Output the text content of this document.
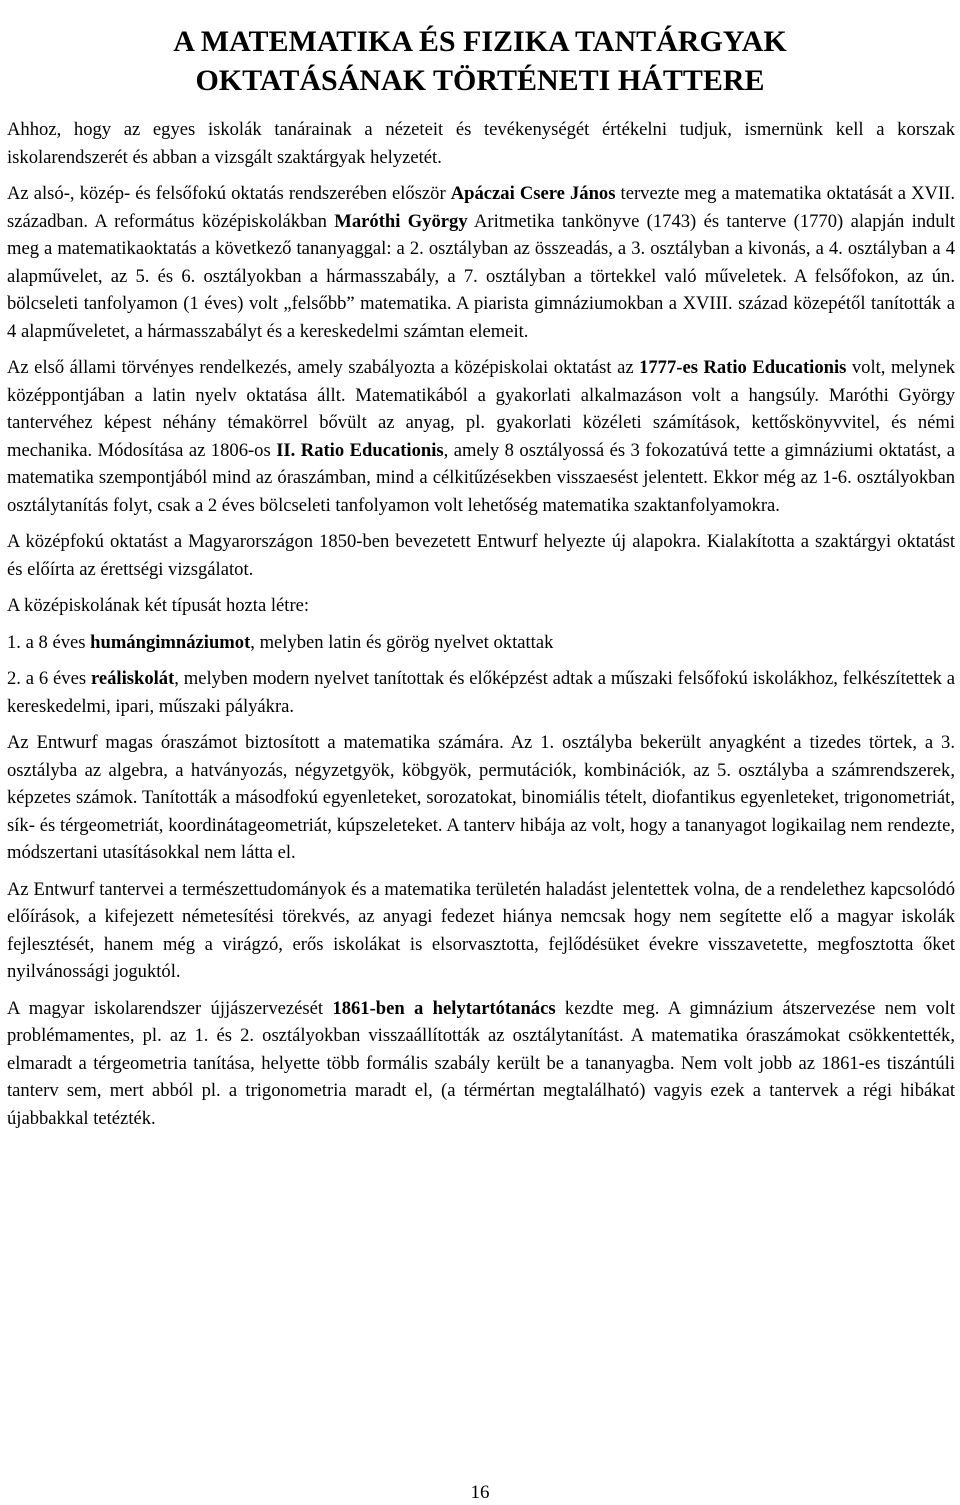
A MATEMATIKA ÉS FIZIKA TANTÁRGYAK
OKTATÁSÁNAK TÖRTÉNETI HÁTTERE

Ahhoz, hogy az egyes iskolák tanárainak a nézeteit és tevékenységét értékelni tudjuk, ismernünk kell a korszak iskolarendszerét és abban a vizsgált szaktárgyak helyzetét.

Az alsó-, közép- és felsőfokú oktatás rendszerében először Apáczai Csere János tervezte meg a matematika oktatását a XVII. században. A református középiskolákban Maróthi György Aritmetika tankönyve (1743) és tanterve (1770) alapján indult meg a matematikaoktatás a következő tananyaggal: a 2. osztályban az összeadás, a 3. osztályban a kivonás, a 4. osztályban a 4 alapművelet, az 5. és 6. osztályokban a hármasszabály, a 7. osztályban a törtekkel való műveletek. A felsőfokon, az ún. bölcseleti tanfolyamon (1 éves) volt „felsőbb” matematika. A piarista gimnáziumokban a XVIII. század közepétől tanították a 4 alapműveletet, a hármasszabályt és a kereskedelmi számtan elemeit.

Az első állami törvényes rendelkezés, amely szabályozta a középiskolai oktatást az 1777-es Ratio Educationis volt, melynek középpontjában a latin nyelv oktatása állt. Matematikából a gyakorlati alkalmazáson volt a hangsúly. Maróthi György tantervéhez képest néhány témakörrel bővült az anyag, pl. gyakorlati közéleti számítások, kettőskönyvvitel, és némi mechanika. Módosítása az 1806-os II. Ratio Educationis, amely 8 osztályossá és 3 fokozatúvá tette a gimnáziumi oktatást, a matematika szempontjából mind az óraszámban, mind a célkitűzésekben visszaesést jelentett. Ekkor még az 1-6. osztályokban osztálytanítás folyt, csak a 2 éves bölcseleti tanfolyamon volt lehetőség matematika szaktanfolyamokra.

A középfokú oktatást a Magyarországon 1850-ben bevezetett Entwurf helyezte új alapokra. Kialakította a szaktárgyi oktatást és előírta az érettségi vizsgálatot.

A középiskolának két típusát hozta létre:

1. a 8 éves humángimnáziumot, melyben latin és görög nyelvet oktattak

2. a 6 éves reáliskolát, melyben modern nyelvet tanítottak és előképzést adtak a műszaki felsőfokú iskolákhoz, felkészítettek a kereskedelmi, ipari, műszaki pályákra.

Az Entwurf magas óraszámot biztosított a matematika számára. Az 1. osztályba bekerült anyagként a tizedes törtek, a 3. osztályba az algebra, a hatványozás, négyzetgyök, köbgyök, permutációk, kombinációk, az 5. osztályba a számrendszerek, képzetes számok. Tanították a másodfokú egyenleteket, sorozatokat, binomiális tételt, diofantikus egyenleteket, trigonometriát, sík- és térgeometriát, koordinátageometriát, kúpszeleteket. A tanterv hibája az volt, hogy a tananyagot logikailag nem rendezte, módszertani utasításokkal nem látta el.

Az Entwurf tantervei a természettudományok és a matematika területén haladást jelentettek volna, de a rendelethez kapcsolódó előírások, a kifejezett németesítési törekvés, az anyagi fedezet hiánya nemcsak hogy nem segítette elő a magyar iskolák fejlesztését, hanem még a virágzó, erős iskolákat is elsorvasztotta, fejlődésüket évekre visszavetette, megfosztotta őket nyilvánossági joguktól.

A magyar iskolarendszer újjászervezését 1861-ben a helytartótanács kezdte meg. A gimnázium átszervezése nem volt problémamentes, pl. az 1. és 2. osztályokban visszaállították az osztálytanítást. A matematika óraszámokat csökkentették, elmaradt a térgeometria tanítása, helyette több formális szabály került be a tananyagba. Nem volt jobb az 1861-es tiszántúli tanterv sem, mert abból pl. a trigonometria maradt el, (a térmértan megtalálható) vagyis ezek a tantervek a régi hibákat újabbakkal tetézték.

16
